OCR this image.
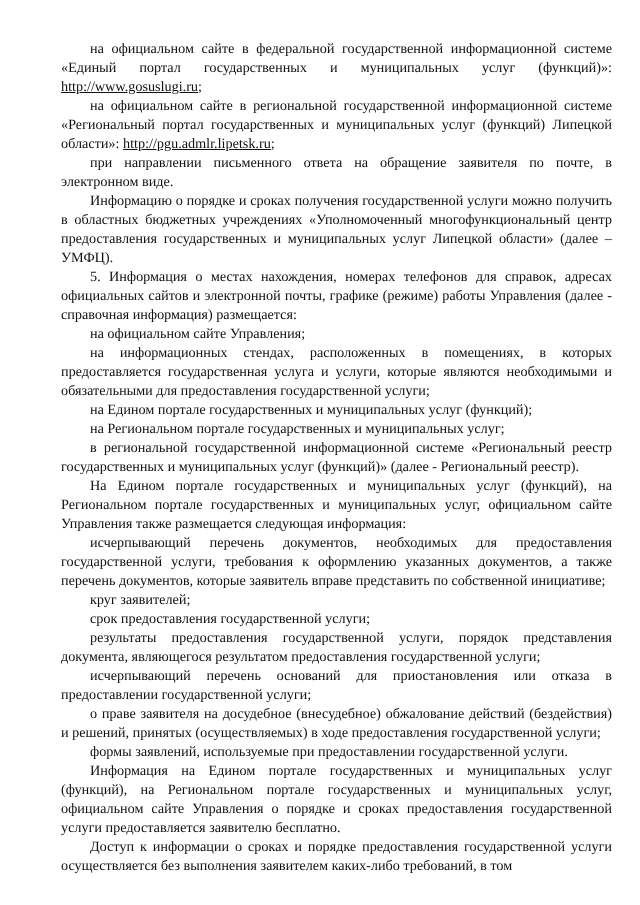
на официальном сайте в федеральной государственной информационной системе «Единый портал государственных и муниципальных услуг (функций)»: http://www.gosuslugi.ru;

на официальном сайте в региональной государственной информационной системе «Региональный портал государственных и муниципальных услуг (функций) Липецкой области»: http://pgu.admlr.lipetsk.ru;

при направлении письменного ответа на обращение заявителя по почте, в электронном виде.

Информацию о порядке и сроках получения государственной услуги можно получить в областных бюджетных учреждениях «Уполномоченный многофункциональный центр предоставления государственных и муниципальных услуг Липецкой области» (далее – УМФЦ).

5. Информация о местах нахождения, номерах телефонов для справок, адресах официальных сайтов и электронной почты, графике (режиме) работы Управления (далее - справочная информация) размещается:

на официальном сайте Управления;

на информационных стендах, расположенных в помещениях, в которых предоставляется государственная услуга и услуги, которые являются необходимыми и обязательными для предоставления государственной услуги;

на Едином портале государственных и муниципальных услуг (функций);

на Региональном портале государственных и муниципальных услуг;

в региональной государственной информационной системе «Региональный реестр государственных и муниципальных услуг (функций)» (далее - Региональный реестр).

На Едином портале государственных и муниципальных услуг (функций), на Региональном портале государственных и муниципальных услуг, официальном сайте Управления также размещается следующая информация:

исчерпывающий перечень документов, необходимых для предоставления государственной услуги, требования к оформлению указанных документов, а также перечень документов, которые заявитель вправе представить по собственной инициативе;

круг заявителей;

срок предоставления государственной услуги;

результаты предоставления государственной услуги, порядок представления документа, являющегося результатом предоставления государственной услуги;

исчерпывающий перечень оснований для приостановления или отказа в предоставлении государственной услуги;

о праве заявителя на досудебное (внесудебное) обжалование действий (бездействия) и решений, принятых (осуществляемых) в ходе предоставления государственной услуги;

формы заявлений, используемые при предоставлении государственной услуги.

Информация на Едином портале государственных и муниципальных услуг (функций), на Региональном портале государственных и муниципальных услуг, официальном сайте Управления о порядке и сроках предоставления государственной услуги предоставляется заявителю бесплатно.

Доступ к информации о сроках и порядке предоставления государственной услуги осуществляется без выполнения заявителем каких-либо требований, в том
